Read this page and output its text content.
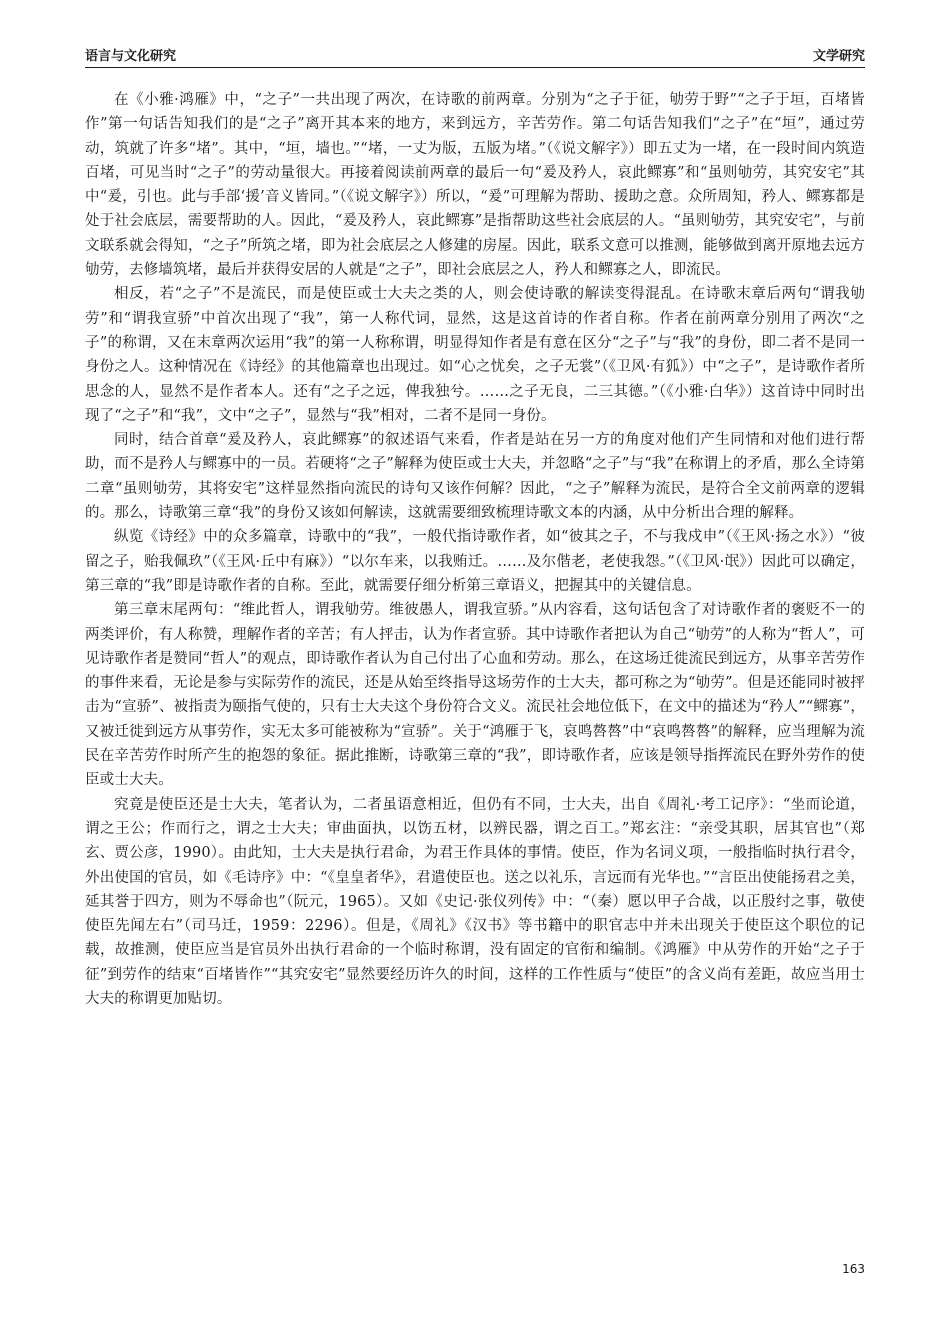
语言与文化研究	文学研究

在《小雅·鸿雁》中，“之子”一共出现了两次，在诗歌的前两章。分别为“之子于征，劬劳于野”“之子于垣，百堵皆作”第一句话告知我们的是“之子”离开其本来的地方，来到远方，辛苦劳作。第二句话告知我们“之子”在“垣”，通过劳动，筑就了许多“堵”。其中，“垣，墙也。”“堵，一丈为版，五版为堵。”（《说文解字》）即五丈为一堵，在一段时间内筑造百堵，可见当时“之子”的劳动量很大。再接着阅读前两章的最后一句“爰及矜人，哀此鳏寡”和“虽则劬劳，其究安宅”其中“爰，引也。此与手部‘援’音义皆同。”（《说文解字》）所以，“爰”可理解为帮助、援助之意。众所周知，矜人、鳏寡都是处于社会底层，需要帮助的人。因此，“爰及矜人，哀此鳏寡”是指帮助这些社会底层的人。“虽则劬劳，其究安宅”，与前文联系就会得知，“之子”所筑之堵，即为社会底层之人修建的房屋。因此，联系文意可以推测，能够做到离开原地去远方劬劳，去修墙筑堵，最后并获得安居的人就是“之子”，即社会底层之人，矜人和鳏寡之人，即流民。

相反，若“之子”不是流民，而是使臣或士大夫之类的人，则会使诗歌的解读变得混乱。在诗歌末章后两句“谓我劬劳”和“谓我宣骄”中首次出现了“我”，第一人称代词，显然，这是这首诗的作者自称。作者在前两章分别用了两次“之子”的称谓，又在末章两次运用“我”的第一人称称谓，明显得知作者是有意在区分“之子”与“我”的身份，即二者不是同一身份之人。这种情况在《诗经》的其他篇章也出现过。如“心之忧矣，之子无裳”（《卫风·有狐》）中“之子”，是诗歌作者所思念的人，显然不是作者本人。还有“之子之远，俾我独兮。……之子无良，二三其德。”（《小雅·白华》）这首诗中同时出现了“之子”和“我”，文中“之子”，显然与“我”相对，二者不是同一身份。

同时，结合首章“爰及矜人，哀此鳏寡”的叙述语气来看，作者是站在另一方的角度对他们产生同情和对他们进行帮助，而不是矜人与鳏寡中的一员。若硬将“之子”解释为使臣或士大夫，并忽略“之子”与“我”在称谓上的矛盾，那么全诗第二章“虽则劬劳，其将安宅”这样显然指向流民的诗句又该作何解？因此，“之子”解释为流民，是符合全文前两章的逻辑的。那么，诗歌第三章“我”的身份又该如何解读，这就需要细致梳理诗歌文本的内涵，从中分析出合理的解释。

纵览《诗经》中的众多篇章，诗歌中的“我”，一般代指诗歌作者，如“彼其之子，不与我戍申”（《王风·扬之水》）“彼留之子，贻我佩玖”（《王风·丘中有麻》）“以尔车来，以我贿迁。……及尔偕老，老使我怨。”（《卫风·氓》）因此可以确定，第三章的“我”即是诗歌作者的自称。至此，就需要仔细分析第三章语义，把握其中的关键信息。

第三章末尾两句：“维此哲人，谓我劬劳。维彼愚人，谓我宣骄。”从内容看，这句话包含了对诗歌作者的褒贬不一的两类评价，有人称赞，理解作者的辛苦；有人抨击，认为作者宣骄。其中诗歌作者把认为自己“劬劳”的人称为“哲人”，可见诗歌作者是赞同“哲人”的观点，即诗歌作者认为自己付出了心血和劳动。那么，在这场迁徙流民到远方，从事辛苦劳作的事件来看，无论是参与实际劳作的流民，还是从始至终指导这场劳作的士大夫，都可称之为“劬劳”。但是还能同时被抨击为“宣骄”、被指责为颐指气使的，只有士大夫这个身份符合文义。流民社会地位低下，在文中的描述为“矜人”“鳏寡”，又被迁徙到远方从事劳作，实无太多可能被称为“宣骄”。关于“鸿雁于飞，哀鸣嗸嗸”中“哀鸣嗸嗸”的解释，应当理解为流民在辛苦劳作时所产生的抱怨的象征。据此推断，诗歌第三章的“我”，即诗歌作者，应该是领导指挥流民在野外劳作的使臣或士大夫。

究竟是使臣还是士大夫，笔者认为，二者虽语意相近，但仍有不同，士大夫，出自《周礼·考工记序》：“坐而论道，谓之王公；作而行之，谓之士大夫；审曲面执，以饬五材，以辨民器，谓之百工。”郑玄注：“亲受其职，居其官也”（郑玄、贾公彦，1990）。由此知，士大夫是执行君命，为君王作具体的事情。使臣，作为名词义项，一般指临时执行君令，外出使国的官员，如《毛诗序》中：“《皇皇者华》，君遣使臣也。送之以礼乐，言远而有光华也。”“言臣出使能扬君之美，延其誉于四方，则为不辱命也”（阮元，1965）。又如《史记·张仪列传》中：“（秦）愿以甲子合战，以正殷纣之事，敬使使臣先闻左右”（司马迁，1959：2296）。但是，《周礼》《汉书》等书籍中的职官志中并未出现关于使臣这个职位的记载，故推测，使臣应当是官员外出执行君命的一个临时称谓，没有固定的官衔和编制。《鸿雁》中从劳作的开始“之子于征”到劳作的结束“百堵皆作”“其究安宅”显然要经历许久的时间，这样的工作性质与“使臣”的含义尚有差距，故应当用士大夫的称谓更加贴切。

163
